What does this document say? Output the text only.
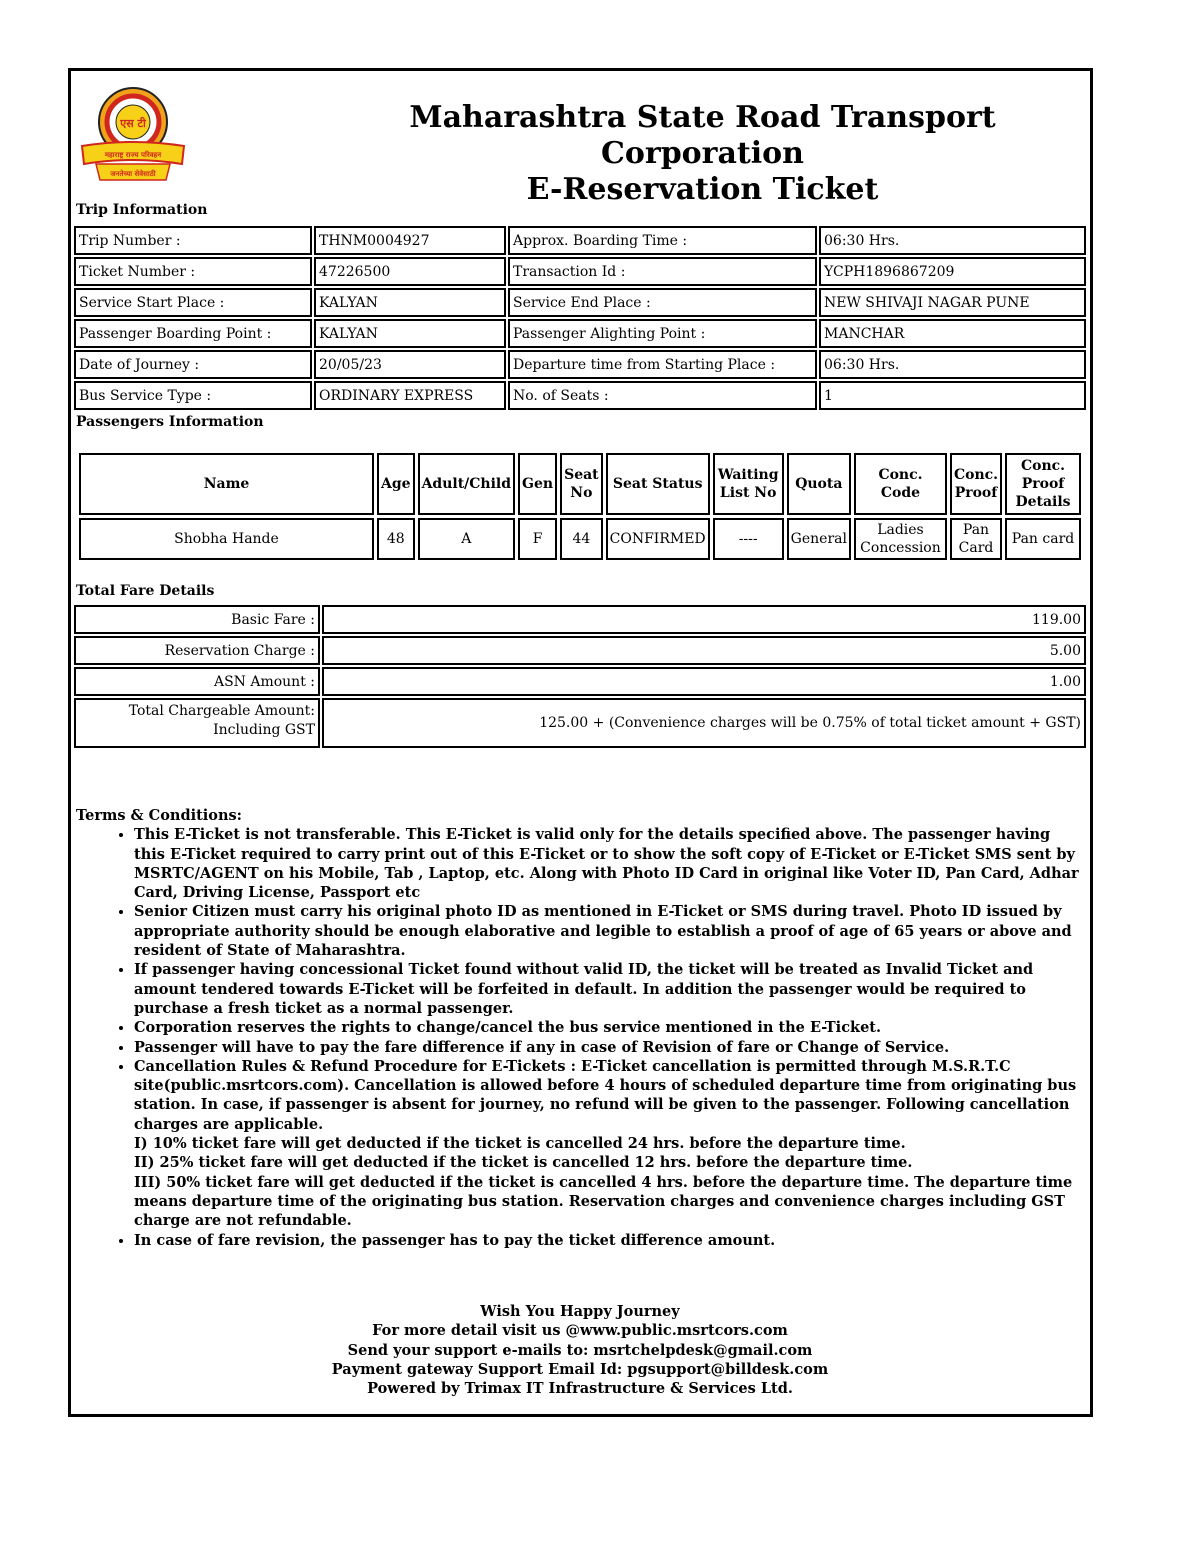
एस टी
महाराष्ट्र राज्य परिवहन
जनतेच्या सेवेसाठी
Maharashtra State Road Transport Corporation
E-Reservation Ticket
Trip Information
Trip Number :	THNM0004927	Approx. Boarding Time :	06:30 Hrs.
Ticket Number :	47226500	Transaction Id :	YCPH1896867209
Service Start Place :	KALYAN	Service End Place :	NEW SHIVAJI NAGAR PUNE
Passenger Boarding Point :	KALYAN	Passenger Alighting Point :	MANCHAR
Date of Journey :	20/05/23	Departure time from Starting Place :	06:30 Hrs.
Bus Service Type :	ORDINARY EXPRESS	No. of Seats :	1
Passengers Information
Name	Age	Adult/Child	Gen	Seat No	Seat Status	Waiting List No	Quota	Conc. Code	Conc. Proof	Conc. Proof Details
Shobha Hande	48	A	F	44	CONFIRMED	----	General	Ladies Concession	Pan Card	Pan card
Total Fare Details
Basic Fare :	119.00
Reservation Charge :	5.00
ASN Amount :	1.00

Total Chargeable Amount:
Including GST	125.00 + (Convenience charges will be 0.75% of total ticket amount + GST)
Terms & Conditions:
• This E-Ticket is not transferable. This E-Ticket is valid only for the details specified above. The passenger having this E-Ticket required to carry print out of this E-Ticket or to show the soft copy of E-Ticket or E-Ticket SMS sent by MSRTC/AGENT on his Mobile, Tab , Laptop, etc. Along with Photo ID Card in original like Voter ID, Pan Card, Adhar Card, Driving License, Passport etc
• Senior Citizen must carry his original photo ID as mentioned in E-Ticket or SMS during travel. Photo ID issued by appropriate authority should be enough elaborative and legible to establish a proof of age of 65 years or above and resident of State of Maharashtra.
• If passenger having concessional Ticket found without valid ID, the ticket will be treated as Invalid Ticket and amount tendered towards E-Ticket will be forfeited in default. In addition the passenger would be required to purchase a fresh ticket as a normal passenger.
• Corporation reserves the rights to change/cancel the bus service mentioned in the E-Ticket.
• Passenger will have to pay the fare difference if any in case of Revision of fare or Change of Service.
• Cancellation Rules & Refund Procedure for E-Tickets : E-Ticket cancellation is permitted through M.S.R.T.C site(public.msrtcors.com). Cancellation is allowed before 4 hours of scheduled departure time from originating bus station. In case, if passenger is absent for journey, no refund will be given to the passenger. Following cancellation charges are applicable.
I) 10% ticket fare will get deducted if the ticket is cancelled 24 hrs. before the departure time.
II) 25% ticket fare will get deducted if the ticket is cancelled 12 hrs. before the departure time.
III) 50% ticket fare will get deducted if the ticket is cancelled 4 hrs. before the departure time. The departure time means departure time of the originating bus station. Reservation charges and convenience charges including GST charge are not refundable.
• In case of fare revision, the passenger has to pay the ticket difference amount.
Wish You Happy Journey
For more detail visit us @www.public.msrtcors.com
Send your support e-mails to: msrtchelpdesk@gmail.com
Payment gateway Support Email Id: pgsupport@billdesk.com
Powered by Trimax IT Infrastructure & Services Ltd.
